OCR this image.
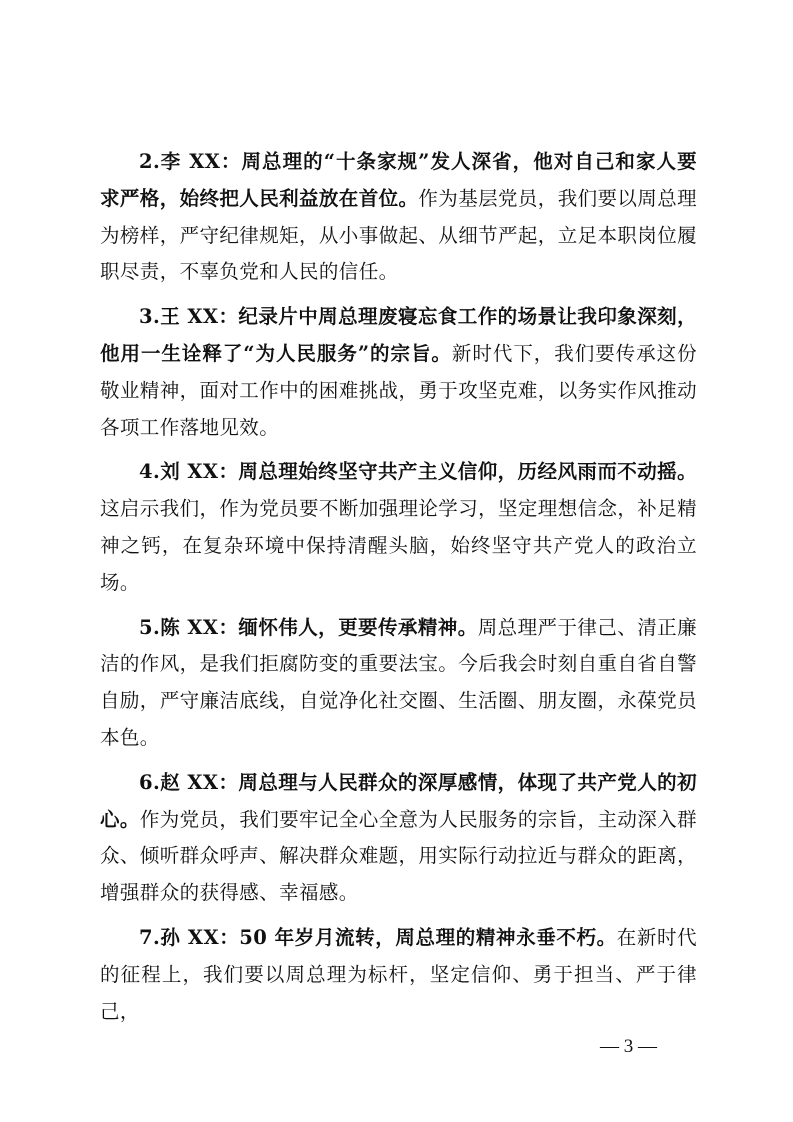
2.李 XX：周总理的“十条家规”发人深省，他对自己和家人要求严格，始终把人民利益放在首位。作为基层党员，我们要以周总理为榜样，严守纪律规矩，从小事做起、从细节严起，立足本职岗位履职尽责，不辜负党和人民的信任。

3.王 XX：纪录片中周总理废寝忘食工作的场景让我印象深刻，他用一生诠释了“为人民服务”的宗旨。新时代下，我们要传承这份敬业精神，面对工作中的困难挑战，勇于攻坚克难，以务实作风推动各项工作落地见效。

4.刘 XX：周总理始终坚守共产主义信仰，历经风雨而不动摇。这启示我们，作为党员要不断加强理论学习，坚定理想信念，补足精神之钙，在复杂环境中保持清醒头脑，始终坚守共产党人的政治立场。

5.陈 XX：缅怀伟人，更要传承精神。周总理严于律己、清正廉洁的作风，是我们拒腐防变的重要法宝。今后我会时刻自重自省自警自励，严守廉洁底线，自觉净化社交圈、生活圈、朋友圈，永葆党员本色。

6.赵 XX：周总理与人民群众的深厚感情，体现了共产党人的初心。作为党员，我们要牢记全心全意为人民服务的宗旨，主动深入群众、倾听群众呼声、解决群众难题，用实际行动拉近与群众的距离，增强群众的获得感、幸福感。

7.孙 XX：50 年岁月流转，周总理的精神永垂不朽。在新时代的征程上，我们要以周总理为标杆，坚定信仰、勇于担当、严于律己，

— 3 —
